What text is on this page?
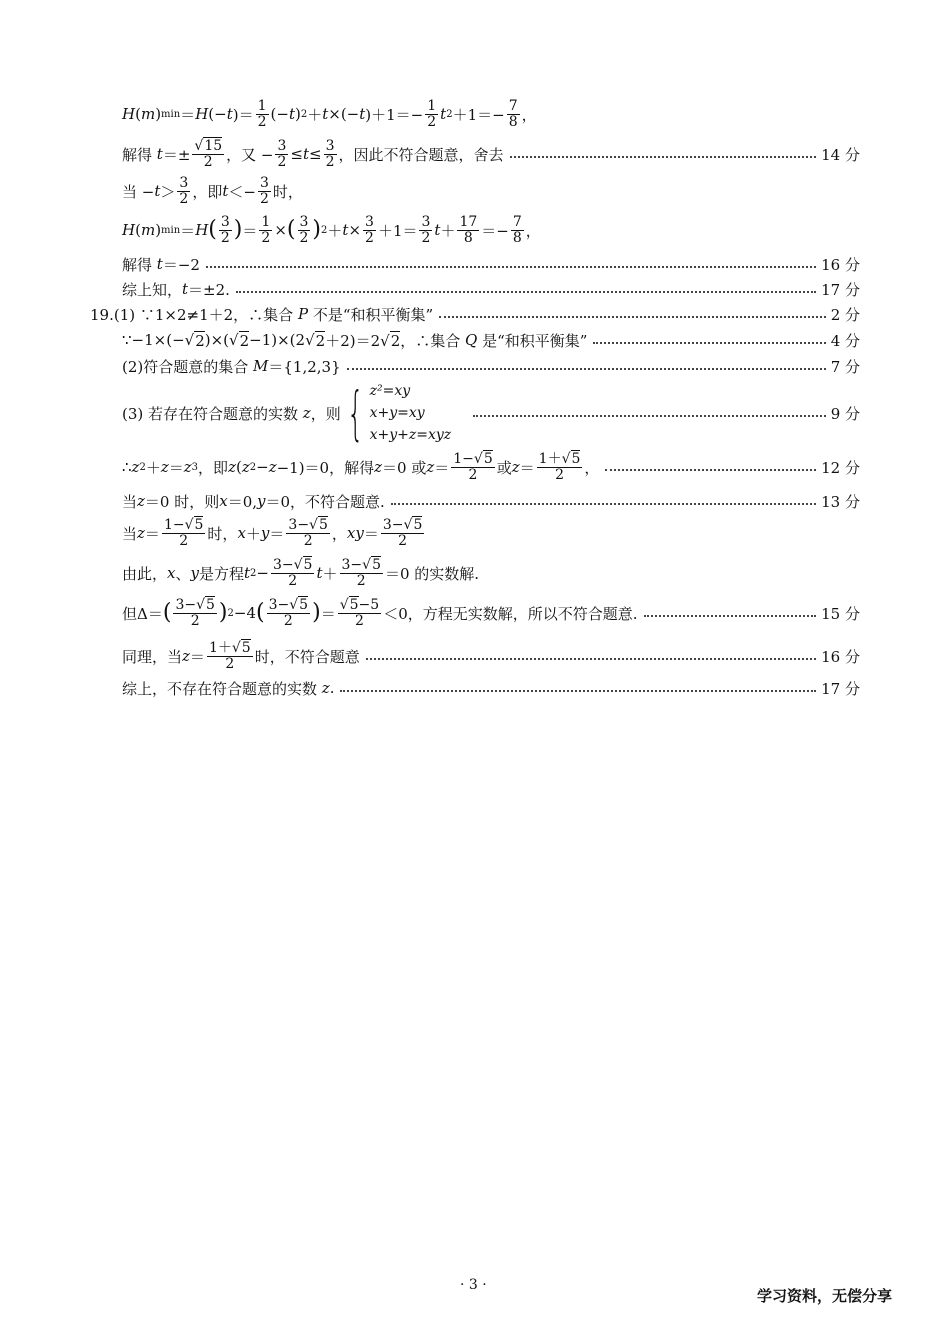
H ( m ) min ＝ H (− t )＝ $\frac{1}{2}$ (− t ) 2 ＋ t ×(− t )$+1=- \frac{1}{2}$ t $2 +1=- \frac{7}{8}$ ，
解得 $t =\pm \frac{√15}{2}$ ，又 − $\frac{3}{2} \le t \le \frac{3}{2}$ ，因此不符合题意，舍去	14 分
当 − $t > \frac{3}{2}$ ，即 $t <- \frac{3}{2}$ 时，
H ( m ) min ＝ H ( $\frac{3}{2}$ ) ＝ $\frac{1}{2}$ × ( $\frac{3}{2}$ ) $2 + t \times \frac{3}{2} +1= \frac{3}{2}$ $t + \frac{17}{8} =- \frac{7}{8}$ ，
解得 t ＝−2	16 分
综上知， t ＝±2.	17 分
19.(1) ∵1×2≠1＋2，∴集合 P 不是“和积平衡集”	2 分
∵−1×(−√ 2 )×(√ 2 −1)×(2√ 2 ＋2)＝2√ 2 ，∴集合 Q 是“和积平衡集”	4 分
(2)符合题意的集合 M ＝{1,2,3}	7 分
(3) 若存在符合题意的实数 z ，则 { z²=xy
x+y=xy
x+y+z=xyz
9 分
∴ z 2 ＋ z ＝ z 3 ，即 z ( z 2 − z −1)＝0，解得 z ＝0 或 $z = \frac{1-√5}{2}$ 或 $z = \frac{1+√5}{2}$ ，	12 分
当 z ＝0 时，则 x ＝0, y ＝0，不符合题意.	13 分
当 $z = \frac{1-√5}{2}$ 时， $x + y = \frac{3-√5}{2}$ ， xy ＝ $\frac{3-√5}{2}$
由此， x 、 y 是方程 t $2 - \frac{3-√5}{2}$ $t + \frac{3-√5}{2} =0$ 的实数解.
但Δ＝ ( $\frac{3-√5}{2}$ ) 2 −4 ( $\frac{3-√5}{2}$ ) ＝ $\frac{√5-5}{2} <0$，方程无实数解，所以不符合题意.	15 分
同理，当 $z = \frac{1+√5}{2}$ 时，不符合题意	16 分
综上，不存在符合题意的实数 z .	17 分
· 3 ·
学习资料，无偿分享
